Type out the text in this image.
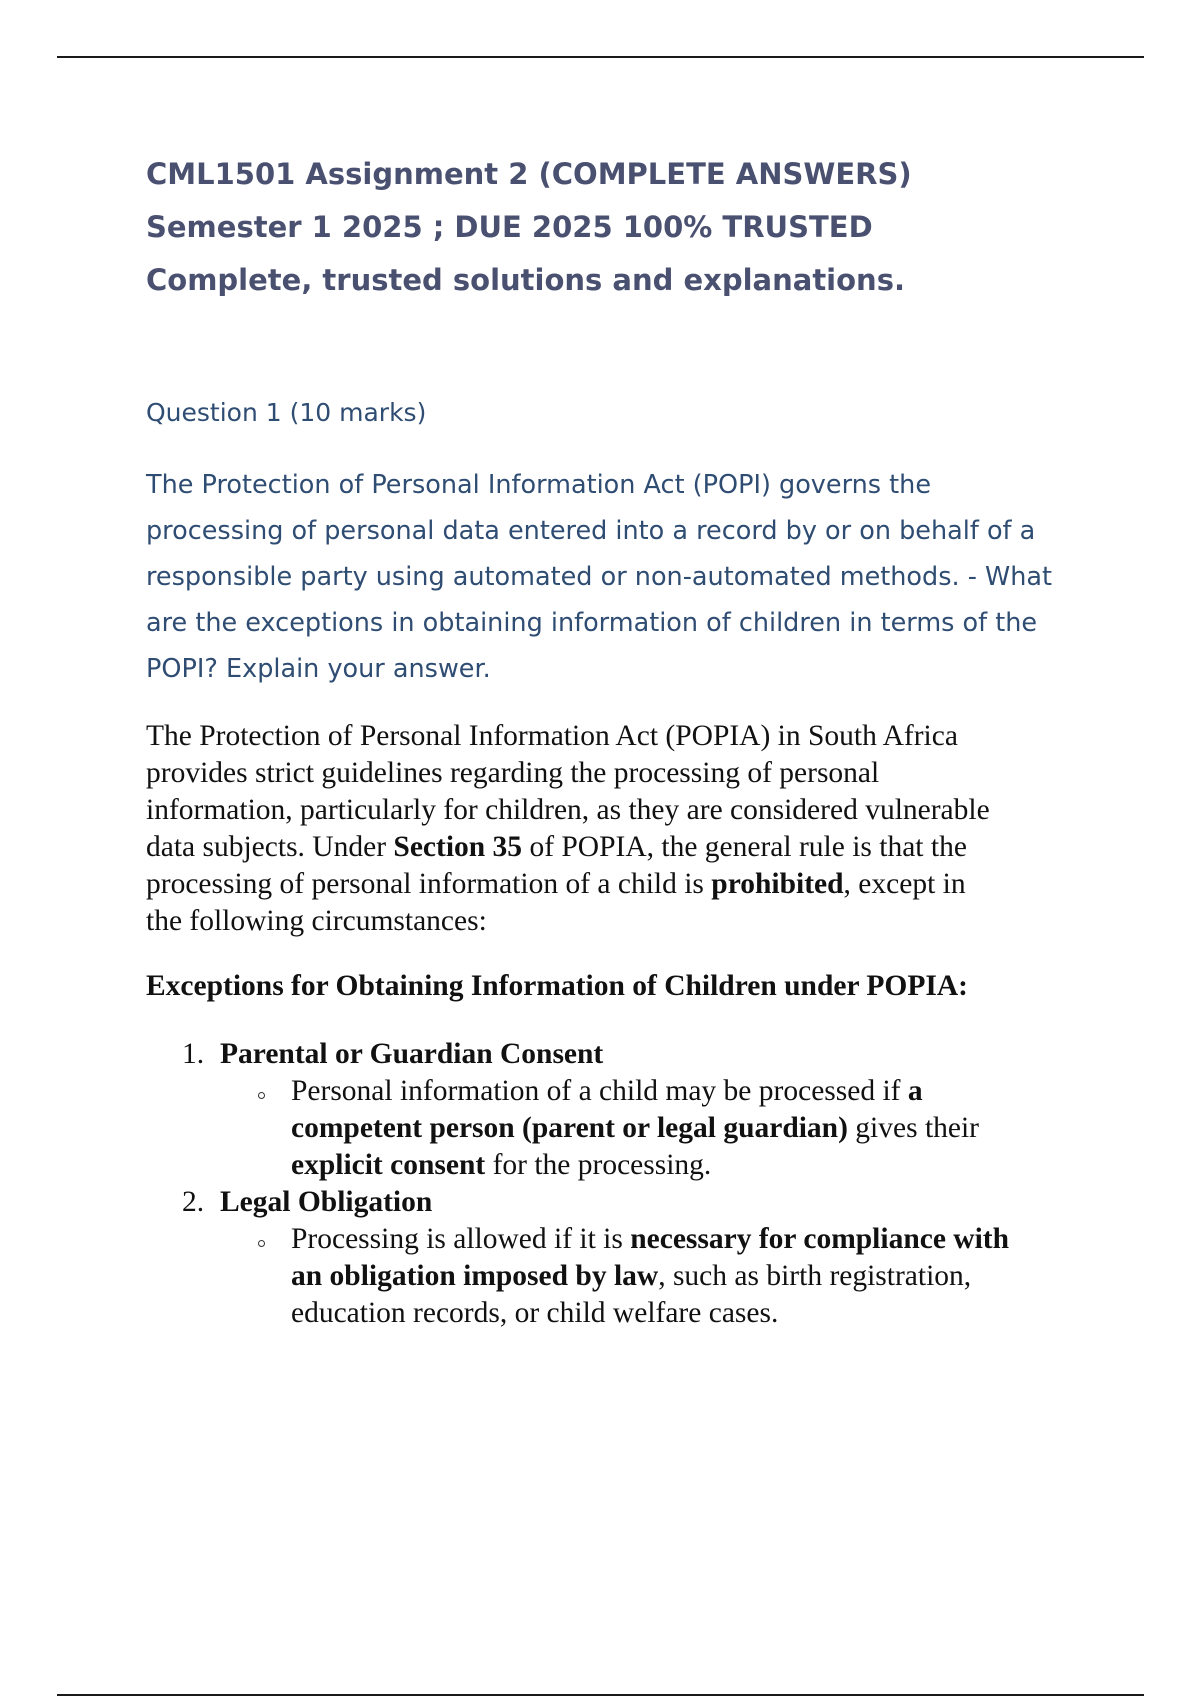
CML1501 Assignment 2 (COMPLETE ANSWERS)
Semester 1 2025 ; DUE 2025 100% TRUSTED
Complete, trusted solutions and explanations.
Question 1 (10 marks)

The Protection of Personal Information Act (POPI) governs the
processing of personal data entered into a record by or on behalf of a
responsible party using automated or non-automated methods. - What
are the exceptions in obtaining information of children in terms of the
POPI? Explain your answer.

The Protection of Personal Information Act (POPIA) in South Africa
provides strict guidelines regarding the processing of personal
information, particularly for children, as they are considered vulnerable
data subjects. Under Section 35 of POPIA, the general rule is that the
processing of personal information of a child is prohibited, except in
the following circumstances:

Exceptions for Obtaining Information of Children under POPIA:
1. Parental or Guardian Consent
Personal information of a child may be processed if a
competent person (parent or legal guardian) gives their
explicit consent for the processing.
2. Legal Obligation
Processing is allowed if it is necessary for compliance with
an obligation imposed by law, such as birth registration,
education records, or child welfare cases.
